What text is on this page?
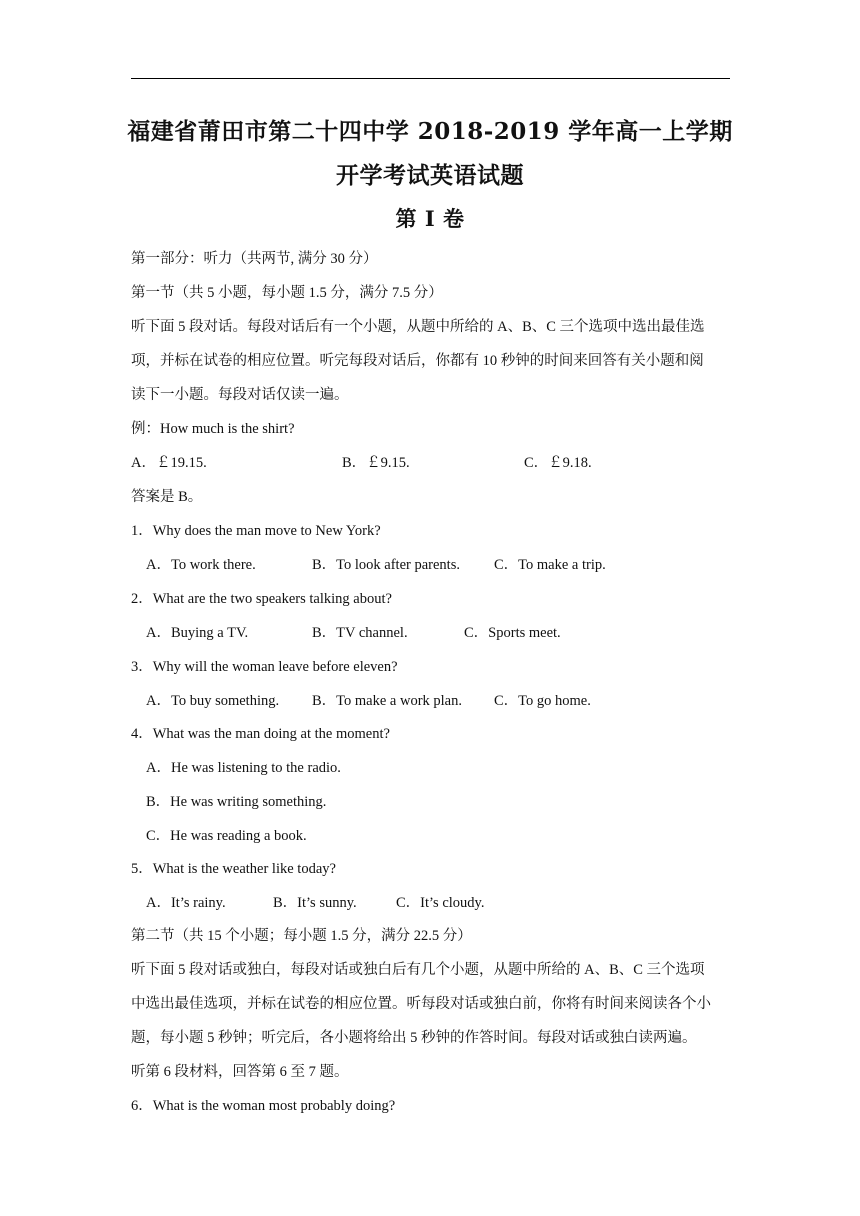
福建省莆田市第二十四中学 2018-2019 学年高一上学期
开学考试英语试题
第 Ⅰ 卷
第一部分：听力（共两节, 满分 30 分）
第一节（共 5 小题，每小题 1.5 分，满分 7.5 分）
听下面 5 段对话。每段对话后有一个小题，从题中所给的 A、B、C 三个选项中选出最佳选
项，并标在试卷的相应位置。听完每段对话后，你都有 10 秒钟的时间来回答有关小题和阅
读下一小题。每段对话仅读一遍。
例：How much is the shirt?
A．￡19.15.	B．￡9.15.	C．￡9.18.
答案是 B。
1．Why does the man move to New York?
A．To work there.	B．To look after parents. C．To make a trip.
2．What are the two speakers talking about?
A．Buying a TV.	B．TV channel.	C．Sports meet.
3．Why will the woman leave before eleven?
A．To buy something. B．To make a work plan. C．To go home.
4．What was the man doing at the moment?
A．He was listening to the radio.
B．He was writing something.
C．He was reading a book.
5．What is the weather like today?
A．It’s rainy.	B．It’s sunny.	C．It’s cloudy.
第二节（共 15 个小题；每小题 1.5 分，满分 22.5 分）
听下面 5 段对话或独白，每段对话或独白后有几个小题，从题中所给的 A、B、C 三个选项
中选出最佳选项，并标在试卷的相应位置。听每段对话或独白前，你将有时间来阅读各个小
题，每小题 5 秒钟；听完后，各小题将给出 5 秒钟的作答时间。每段对话或独白读两遍。
听第 6 段材料，回答第 6 至 7 题。
6．What is the woman most probably doing?
